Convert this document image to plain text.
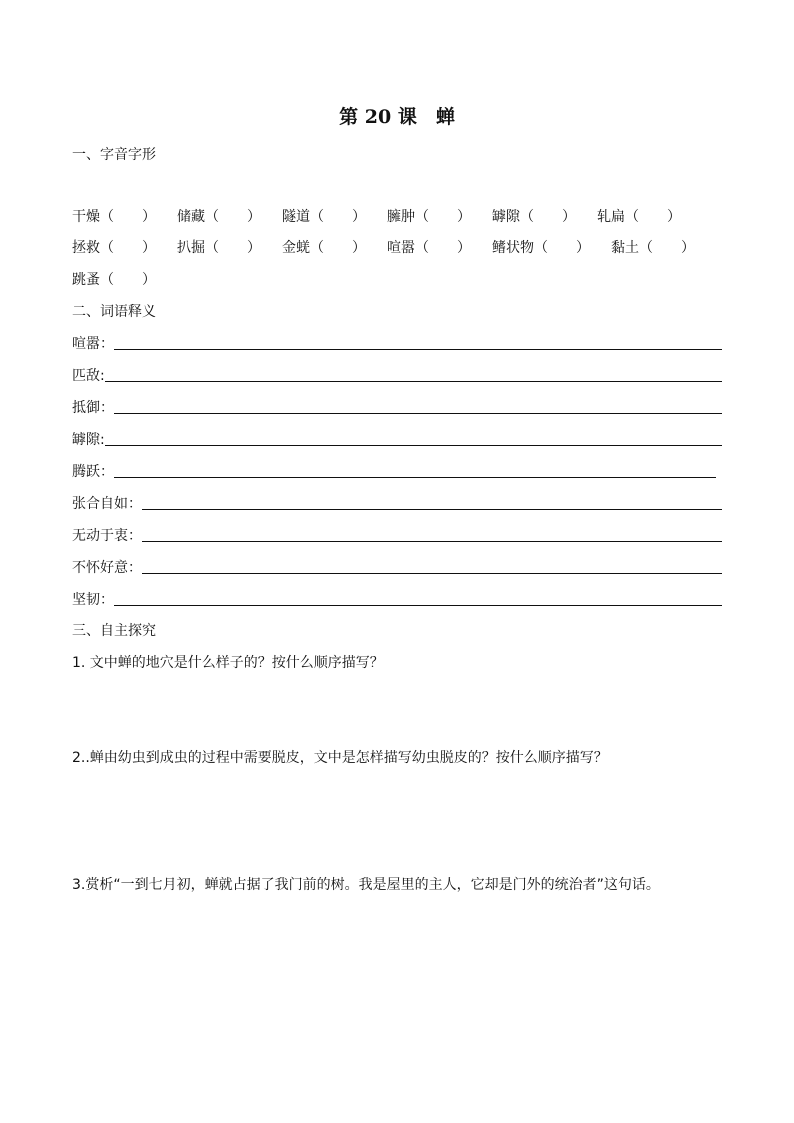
第 20 课　蝉
一、字音字形
干燥（　　） 储藏（　　） 隧道（　　） 臃肿（　　） 罅隙（　　） 轧扁（　　）
拯救（　　） 扒掘（　　） 金蜣（　　） 喧嚣（　　） 鳍状物（　　） 黏土（　　）
跳蚤（　　）
二、词语释义
喧嚣：
匹敌:
抵御：
罅隙:
腾跃：
张合自如：
无动于衷：
不怀好意：
坚韧：
三、自主探究
1. 文中蝉的地穴是什么样子的？按什么顺序描写？
2..蝉由幼虫到成虫的过程中需要脱皮，文中是怎样描写幼虫脱皮的？按什么顺序描写？
3.赏析“一到七月初，蝉就占据了我门前的树。我是屋里的主人，它却是门外的统治者”这句话。
